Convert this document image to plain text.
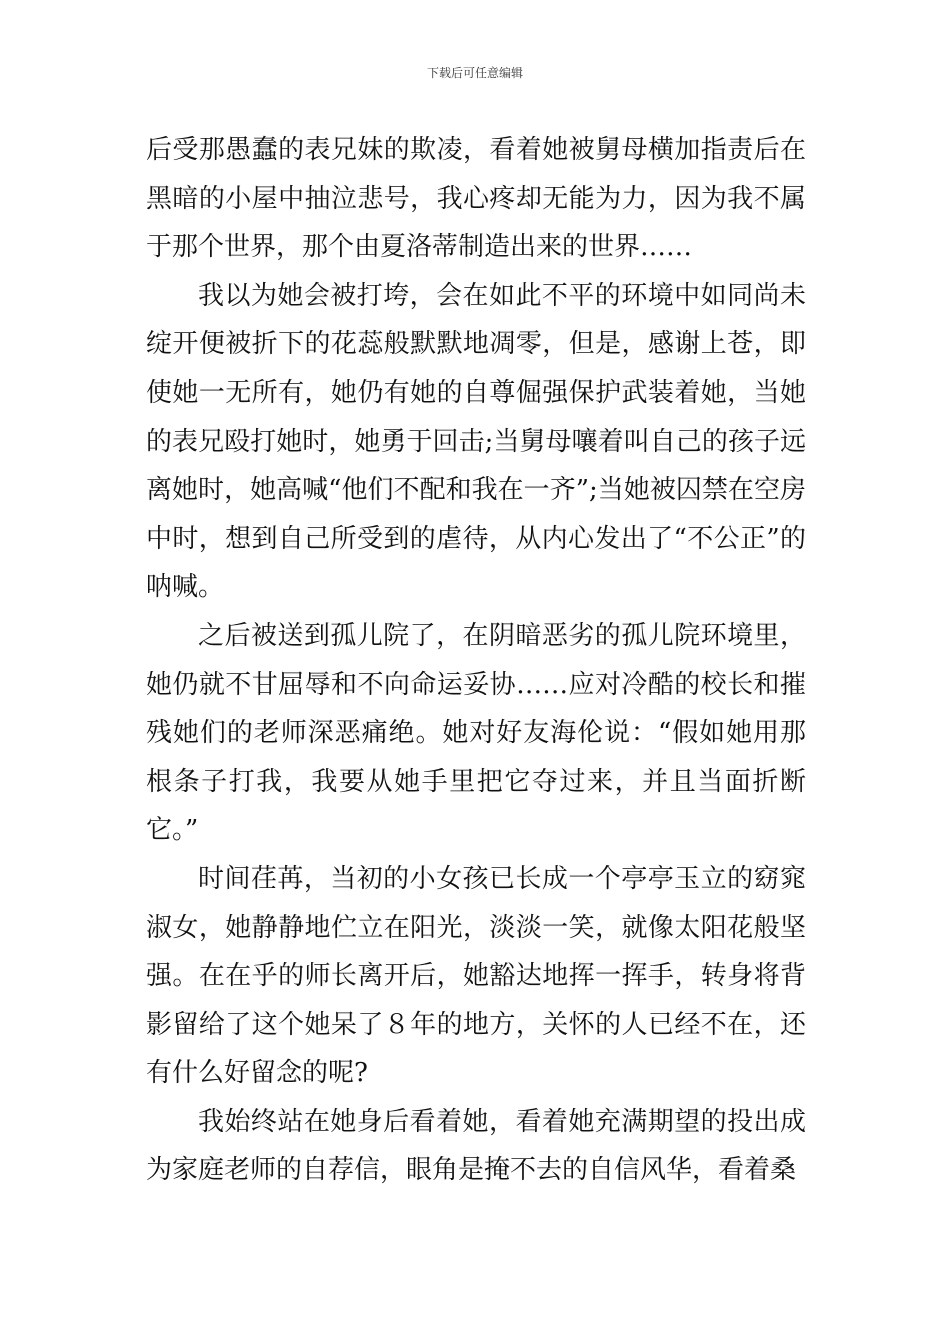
下载后可任意编辑

后受那愚蠢的表兄妹的欺凌，看着她被舅母横加指责后在黑暗的小屋中抽泣悲号，我心疼却无能为力，因为我不属于那个世界，那个由夏洛蒂制造出来的世界……

我以为她会被打垮，会在如此不平的环境中如同尚未绽开便被折下的花蕊般默默地凋零，但是，感谢上苍，即使她一无所有，她仍有她的自尊倔强保护武装着她，当她的表兄殴打她时，她勇于回击;当舅母嚷着叫自己的孩子远离她时，她高喊“他们不配和我在一齐”;当她被囚禁在空房中时，想到自己所受到的虐待，从内心发出了“不公正”的呐喊。

之后被送到孤儿院了，在阴暗恶劣的孤儿院环境里，她仍就不甘屈辱和不向命运妥协……应对冷酷的校长和摧残她们的老师深恶痛绝。她对好友海伦说：“假如她用那根条子打我，我要从她手里把它夺过来，并且当面折断它。”

时间荏苒，当初的小女孩已长成一个亭亭玉立的窈窕淑女，她静静地伫立在阳光，淡淡一笑，就像太阳花般坚强。在在乎的师长离开后，她豁达地挥一挥手，转身将背影留给了这个她呆了８年的地方，关怀的人已经不在，还有什么好留念的呢?

我始终站在她身后看着她，看着她充满期望的投出成为家庭老师的自荐信，眼角是掩不去的自信风华，看着桑
